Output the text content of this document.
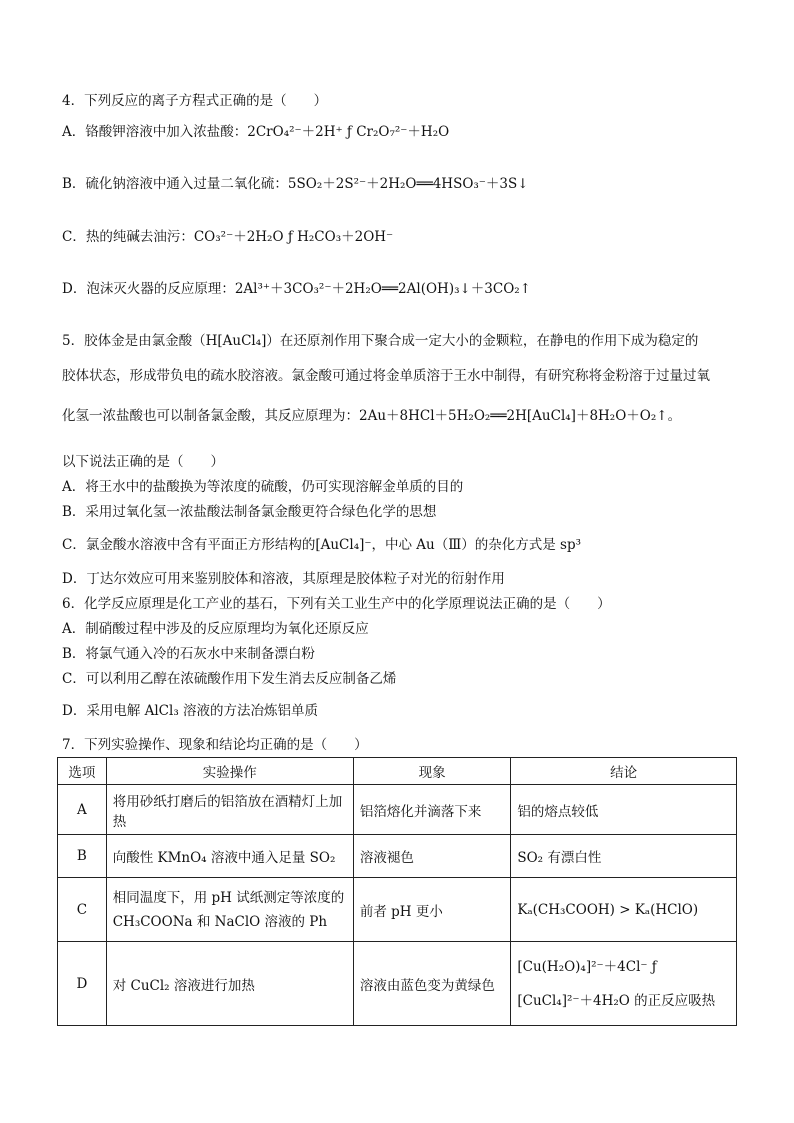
4．下列反应的离子方程式正确的是（　　）
A．铬酸钾溶液中加入浓盐酸：2CrO₄²⁻＋2H⁺ ƒ Cr₂O₇²⁻＋H₂O
B．硫化钠溶液中通入过量二氧化硫：5SO₂＋2S²⁻＋2H₂O══4HSO₃⁻＋3S↓
C．热的纯碱去油污：CO₃²⁻＋2H₂O ƒ H₂CO₃＋2OH⁻
D．泡沫灭火器的反应原理：2Al³⁺＋3CO₃²⁻＋2H₂O══2Al(OH)₃↓＋3CO₂↑
5．胶体金是由氯金酸（H[AuCl₄]）在还原剂作用下聚合成一定大小的金颗粒，在静电的作用下成为稳定的
胶体状态，形成带负电的疏水胶溶液。氯金酸可通过将金单质溶于王水中制得，有研究称将金粉溶于过量过氧
化氢一浓盐酸也可以制备氯金酸，其反应原理为：2Au＋8HCl＋5H₂O₂══2H[AuCl₄]＋8H₂O＋O₂↑。
以下说法正确的是（　　）
A．将王水中的盐酸换为等浓度的硫酸，仍可实现溶解金单质的目的
B．采用过氧化氢一浓盐酸法制备氯金酸更符合绿色化学的思想
C．氯金酸水溶液中含有平面正方形结构的[AuCl₄]⁻，中心 Au（Ⅲ）的杂化方式是 sp³
D．丁达尔效应可用来鉴别胶体和溶液，其原理是胶体粒子对光的衍射作用
6．化学反应原理是化工产业的基石，下列有关工业生产中的化学原理说法正确的是（　　）
A．制硝酸过程中涉及的反应原理均为氧化还原反应
B．将氯气通入冷的石灰水中来制备漂白粉
C．可以利用乙醇在浓硫酸作用下发生消去反应制备乙烯
D．采用电解 AlCl₃ 溶液的方法冶炼铝单质
7．下列实验操作、现象和结论均正确的是（　　）
选项	实验操作	现象	结论
A	将用砂纸打磨后的铝箔放在酒精灯上加热	铝箔熔化并滴落下来	铝的熔点较低
B	向酸性 KMnO₄ 溶液中通入足量 SO₂	溶液褪色	SO₂ 有漂白性
C	相同温度下，用 pH 试纸测定等浓度的 CH₃COONa 和 NaClO 溶液的 Ph	前者 pH 更小	Kₐ(CH₃COOH) > Kₐ(HClO)
D	对 CuCl₂ 溶液进行加热	溶液由蓝色变为黄绿色	[Cu(H₂O)₄]²⁻＋4Cl⁻ ƒ
[CuCl₄]²⁻＋4H₂O 的正反应吸热
